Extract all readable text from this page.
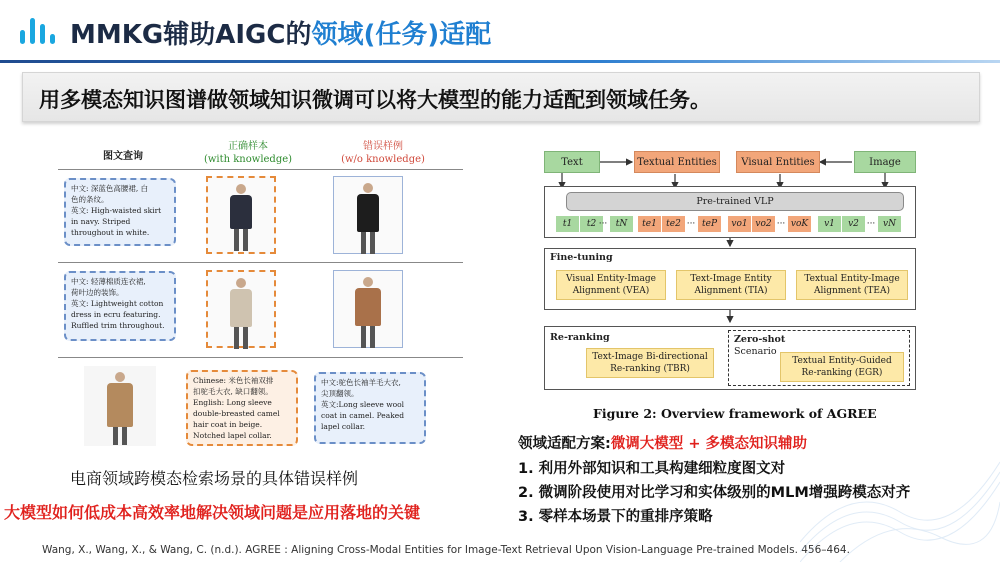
MMKG辅助AIGC的领域(任务)适配
用多模态知识图谱做领域知识微调可以将大模型的能力适配到领域任务。
图文查询
正确样本
(with knowledge)
错误样例
(w/o knowledge)
中文: 深蓝色高腰裙, 白
色的条纹。
英文: High-waisted skirt
in navy. Striped
throughout in white.
中文: 轻薄棉质连衣裙,
荷叶边的装饰。
英文: Lightweight cotton
dress in ecru featuring.
Ruffled trim throughout.
Chinese: 米色长袖双排
扣驼毛大衣, 缺口翻领。
English: Long sleeve
double-breasted camel
hair coat in beige.
Notched lapel collar.
中文:驼色长袖羊毛大衣,
尖顶翻领。
英文:Long sleeve wool
coat in camel. Peaked
lapel collar.
电商领域跨模态检索场景的具体错误样例
大模型如何低成本高效率地解决领域问题是应用落地的关键
Text	Textual Entities	Visual Entities	Image
Pre-trained VLP
t1	t2 ··· tN	te1	te2 ··· teP	vo1 vo2 ··· voK	v1	v2 ··· vN
Fine-tuning
Visual Entity-Image
Alignment (VEA)
Text-Image Entity
Alignment (TIA)
Textual Entity-Image
Alignment (TEA)
Re-ranking
Text-Image Bi-directional
Re-ranking (TBR)
Zero-shot
Scenario
Textual Entity-Guided
Re-ranking (EGR)
Figure 2: Overview framework of AGREE
领域适配方案:微调大模型 + 多模态知识辅助
1. 利用外部知识和工具构建细粒度图文对
2. 微调阶段使用对比学习和实体级别的MLM增强跨模态对齐
3. 零样本场景下的重排序策略
Wang, X., Wang, X., & Wang, C. (n.d.). AGREE : Aligning Cross-Modal Entities for Image-Text Retrieval Upon Vision-Language Pre-trained Models. 456–464.
